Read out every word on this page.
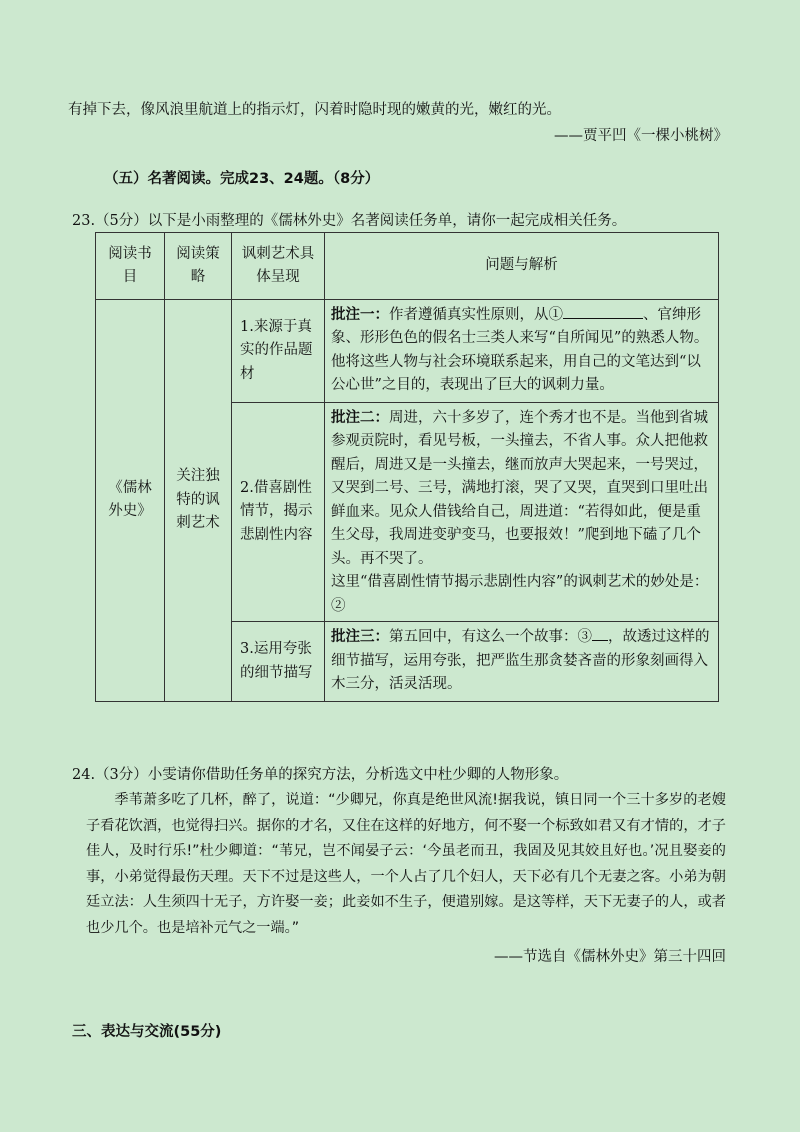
有掉下去，像风浪里航道上的指示灯，闪着时隐时现的嫩黄的光，嫩红的光。
——贾平凹《一棵小桃树》
（五）名著阅读。完成23、24题。（8分）
23.（5分）以下是小雨整理的《儒林外史》名著阅读任务单，请你一起完成相关任务。
阅读书目	阅读策略	讽刺艺术具体呈现	问题与解析
《儒林外史》	关注独特的讽刺艺术	1.来源于真实的作品题材	批注一：作者遵循真实性原则，从① 、官绅形象、形形色色的假名士三类人来写“自所闻见”的熟悉人物。他将这些人物与社会环境联系起来，用自己的文笔达到“以公心世”之目的，表现出了巨大的讽刺力量。
		2.借喜剧性情节，揭示悲剧性内容	批注二：周进，六十多岁了，连个秀才也不是。当他到省城参观贡院时，看见号板，一头撞去，不省人事。众人把他救醒后，周进又是一头撞去，继而放声大哭起来，一号哭过，又哭到二号、三号，满地打滚，哭了又哭，直哭到口里吐出鲜血来。见众人借钱给自己，周进道：“若得如此，便是重生父母，我周进变驴变马，也要报效！”爬到地下磕了几个头。再不哭了。
这里“借喜剧性情节揭示悲剧性内容”的讽刺艺术的妙处是：②

		3.运用夸张的细节描写	批注三：第五回中，有这么一个故事：③ ，故透过这样的细节描写，运用夸张，把严监生那贪婪吝啬的形象刻画得入木三分，活灵活现。
24.（3分）小雯请你借助任务单的探究方法，分析选文中杜少卿的人物形象。

季苇萧多吃了几杯，醉了，说道：“少卿兄，你真是绝世风流!据我说，镇日同一个三十多岁的老嫂子看花饮酒，也觉得扫兴。据你的才名，又住在这样的好地方，何不娶一个标致如君又有才情的，才子佳人，及时行乐!”杜少卿道：“苇兄，岂不闻晏子云：‘今虽老而丑，我固及见其姣且好也。’况且娶妾的事，小弟觉得最伤天理。天下不过是这些人，一个人占了几个妇人，天下必有几个无妻之客。小弟为朝廷立法：人生须四十无子，方许娶一妾；此妾如不生子，便遣别嫁。是这等样，天下无妻子的人，或者也少几个。也是培补元气之一端。”

——节选自《儒林外史》第三十四回
三、表达与交流(55分)
